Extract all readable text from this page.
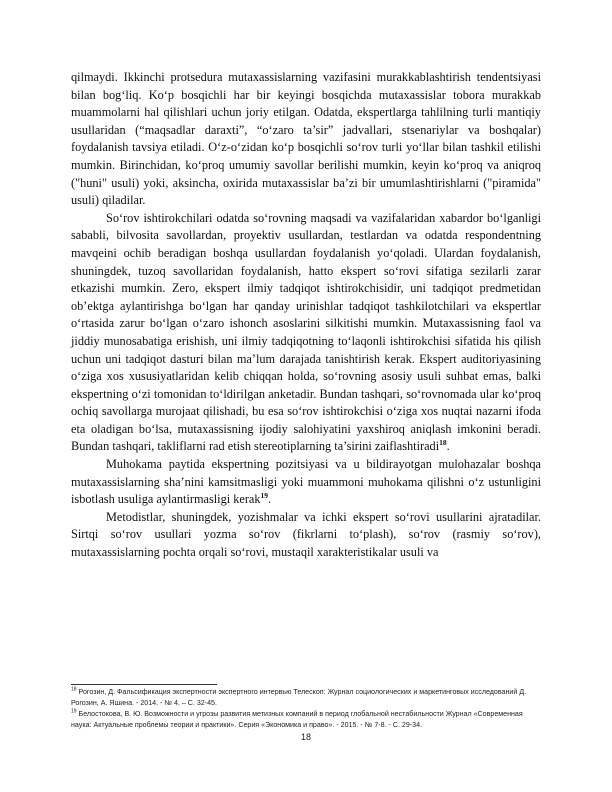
qilmaydi. Ikkinchi protsedura mutaxassislarning vazifasini murakkablashtirish tendentsiyasi bilan bog‘liq. Ko‘p bosqichli har bir keyingi bosqichda mutaxassislar tobora murakkab muammolarni hal qilishlari uchun joriy etilgan. Odatda, ekspertlarga tahlilning turli mantiqiy usullaridan (“maqsadlar daraxti”, “o‘zaro ta’sir” jadvallari, stsenariylar va boshqalar) foydalanish tavsiya etiladi. O‘z-o‘zidan ko‘p bosqichli so‘rov turli yo‘llar bilan tashkil etilishi mumkin. Birinchidan, ko‘proq umumiy savollar berilishi mumkin, keyin ko‘proq va aniqroq ("huni" usuli) yoki, aksincha, oxirida mutaxassislar ba’zi bir umumlashtirishlarni ("piramida" usuli) qiladilar.

So‘rov ishtirokchilari odatda so‘rovning maqsadi va vazifalaridan xabardor bo‘lganligi sababli, bilvosita savollardan, proyektiv usullardan, testlardan va odatda respondentning mavqeini ochib beradigan boshqa usullardan foydalanish yo‘qoladi. Ulardan foydalanish, shuningdek, tuzoq savollaridan foydalanish, hatto ekspert so‘rovi sifatiga sezilarli zarar etkazishi mumkin. Zero, ekspert ilmiy tadqiqot ishtirokchisidir, uni tadqiqot predmetidan ob’ektga aylantirishga bo‘lgan har qanday urinishlar tadqiqot tashkilotchilari va ekspertlar o‘rtasida zarur bo‘lgan o‘zaro ishonch asoslarini silkitishi mumkin. Mutaxassisning faol va jiddiy munosabatiga erishish, uni ilmiy tadqiqotning to‘laqonli ishtirokchisi sifatida his qilish uchun uni tadqiqot dasturi bilan ma’lum darajada tanishtirish kerak. Ekspert auditoriyasining o‘ziga xos xususiyatlaridan kelib chiqqan holda, so‘rovning asosiy usuli suhbat emas, balki ekspertning o‘zi tomonidan to‘ldirilgan anketadir. Bundan tashqari, so‘rovnomada ular ko‘proq ochiq savollarga murojaat qilishadi, bu esa so‘rov ishtirokchisi o‘ziga xos nuqtai nazarni ifoda eta oladigan bo‘lsa, mutaxassisning ijodiy salohiyatini yaxshiroq aniqlash imkonini beradi. Bundan tashqari, takliflarni rad etish stereotiplarning ta’sirini zaiflashtiradi$^{18}$.

Muhokama paytida ekspertning pozitsiyasi va u bildirayotgan mulohazalar boshqa mutaxassislarning sha’nini kamsitmasligi yoki muammoni muhokama qilishni o‘z ustunligini isbotlash usuliga aylantirmasligi kerak$^{19}$.

Metodistlar, shuningdek, yozishmalar va ichki ekspert so‘rovi usullarini ajratadilar. Sirtqi so‘rov usullari yozma so‘rov (fikrlarni to‘plash), so‘rov (rasmiy so‘rov), mutaxassislarning pochta orqali so‘rovi, mustaqil xarakteristikalar usuli va

$^{18}$ Рогозин, Д. Фальсификация экспертности экспертного интервью Телескоп: Журнал социологических и маркетинговых исследований Д. Рогозин, А. Яшина. - 2014. - № 4. – С. 32-45.

$^{19}$ Белостокова, В. Ю. Возможности и угрозы развития метизных компаний в период глобальной нестабильности Журнал «Современная наука: Актуальные проблемы теории и практики». Серия «Экономика и право». - 2015. - № 7-8. - С. 29-34.

18
